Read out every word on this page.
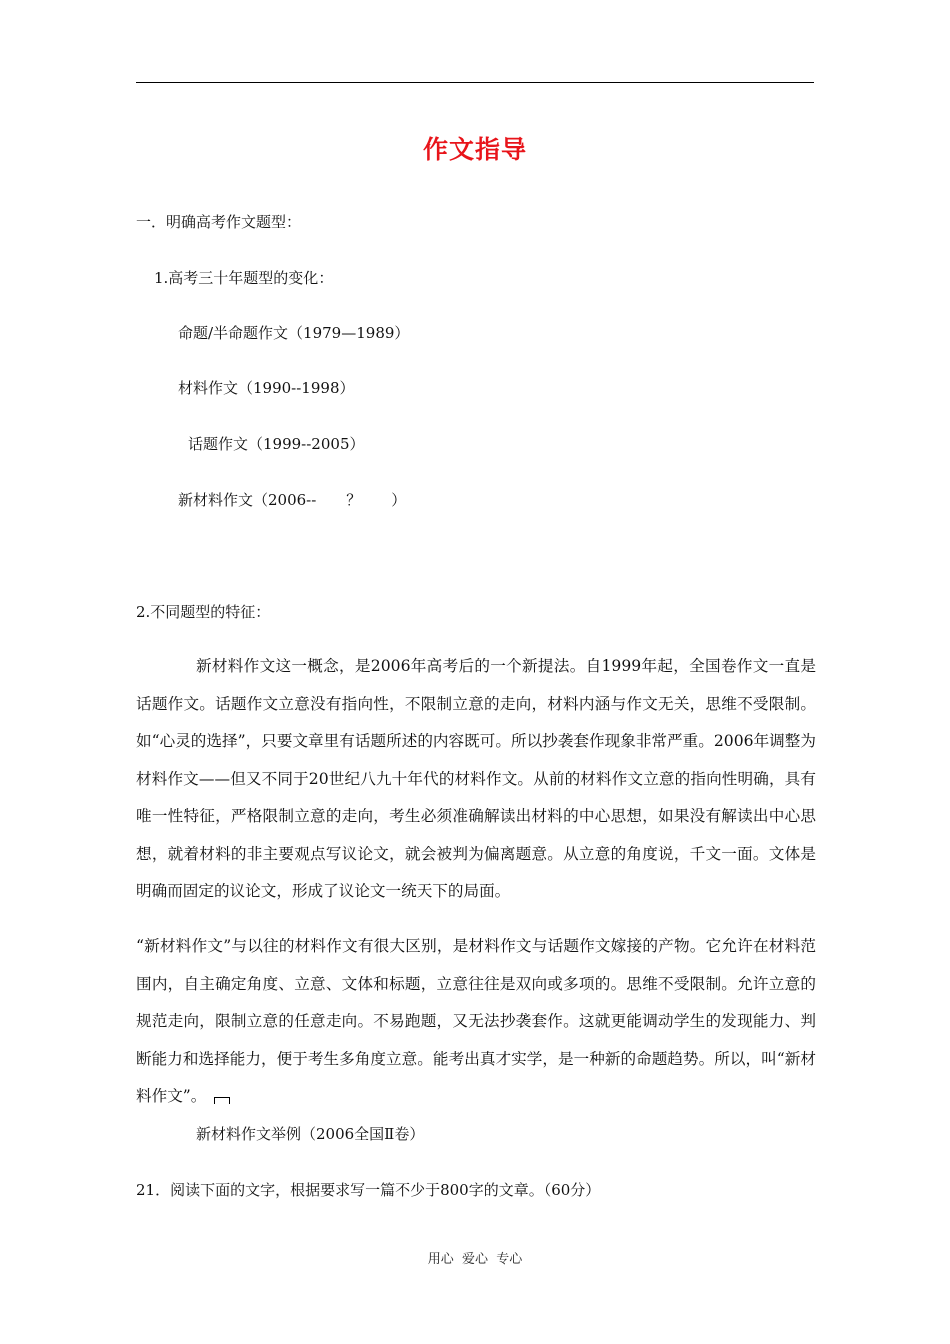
作文指导
一．明确高考作文题型：
1.高考三十年题型的变化：
命题/半命题作文（1979—1989）
材料作文（1990--1998）
话题作文（1999--2005）
新材料作文（2006--　　？　　）
2.不同题型的特征：

新材料作文这一概念，是2006年高考后的一个新提法。自1999年起，全国卷作文一直是话题作文。话题作文立意没有指向性，不限制立意的走向，材料内涵与作文无关，思维不受限制。如“心灵的选择”，只要文章里有话题所述的内容既可。所以抄袭套作现象非常严重。2006年调整为材料作文——但又不同于20世纪八九十年代的材料作文。从前的材料作文立意的指向性明确，具有唯一性特征，严格限制立意的走向，考生必须准确解读出材料的中心思想，如果没有解读出中心思想，就着材料的非主要观点写议论文，就会被判为偏离题意。从立意的角度说，千文一面。文体是明确而固定的议论文，形成了议论文一统天下的局面。

“新材料作文”与以往的材料作文有很大区别，是材料作文与话题作文嫁接的产物。它允许在材料范围内，自主确定角度、立意、文体和标题，立意往往是双向或多项的。思维不受限制。允许立意的规范走向，限制立意的任意走向。不易跑题，又无法抄袭套作。这就更能调动学生的发现能力、判断能力和选择能力，便于考生多角度立意。能考出真才实学，是一种新的命题趋势。所以，叫“新材料作文”。

新材料作文举例（2006全国Ⅱ卷）
21．阅读下面的文字，根据要求写一篇不少于800字的文章。（60分）
用心  爱心  专心
